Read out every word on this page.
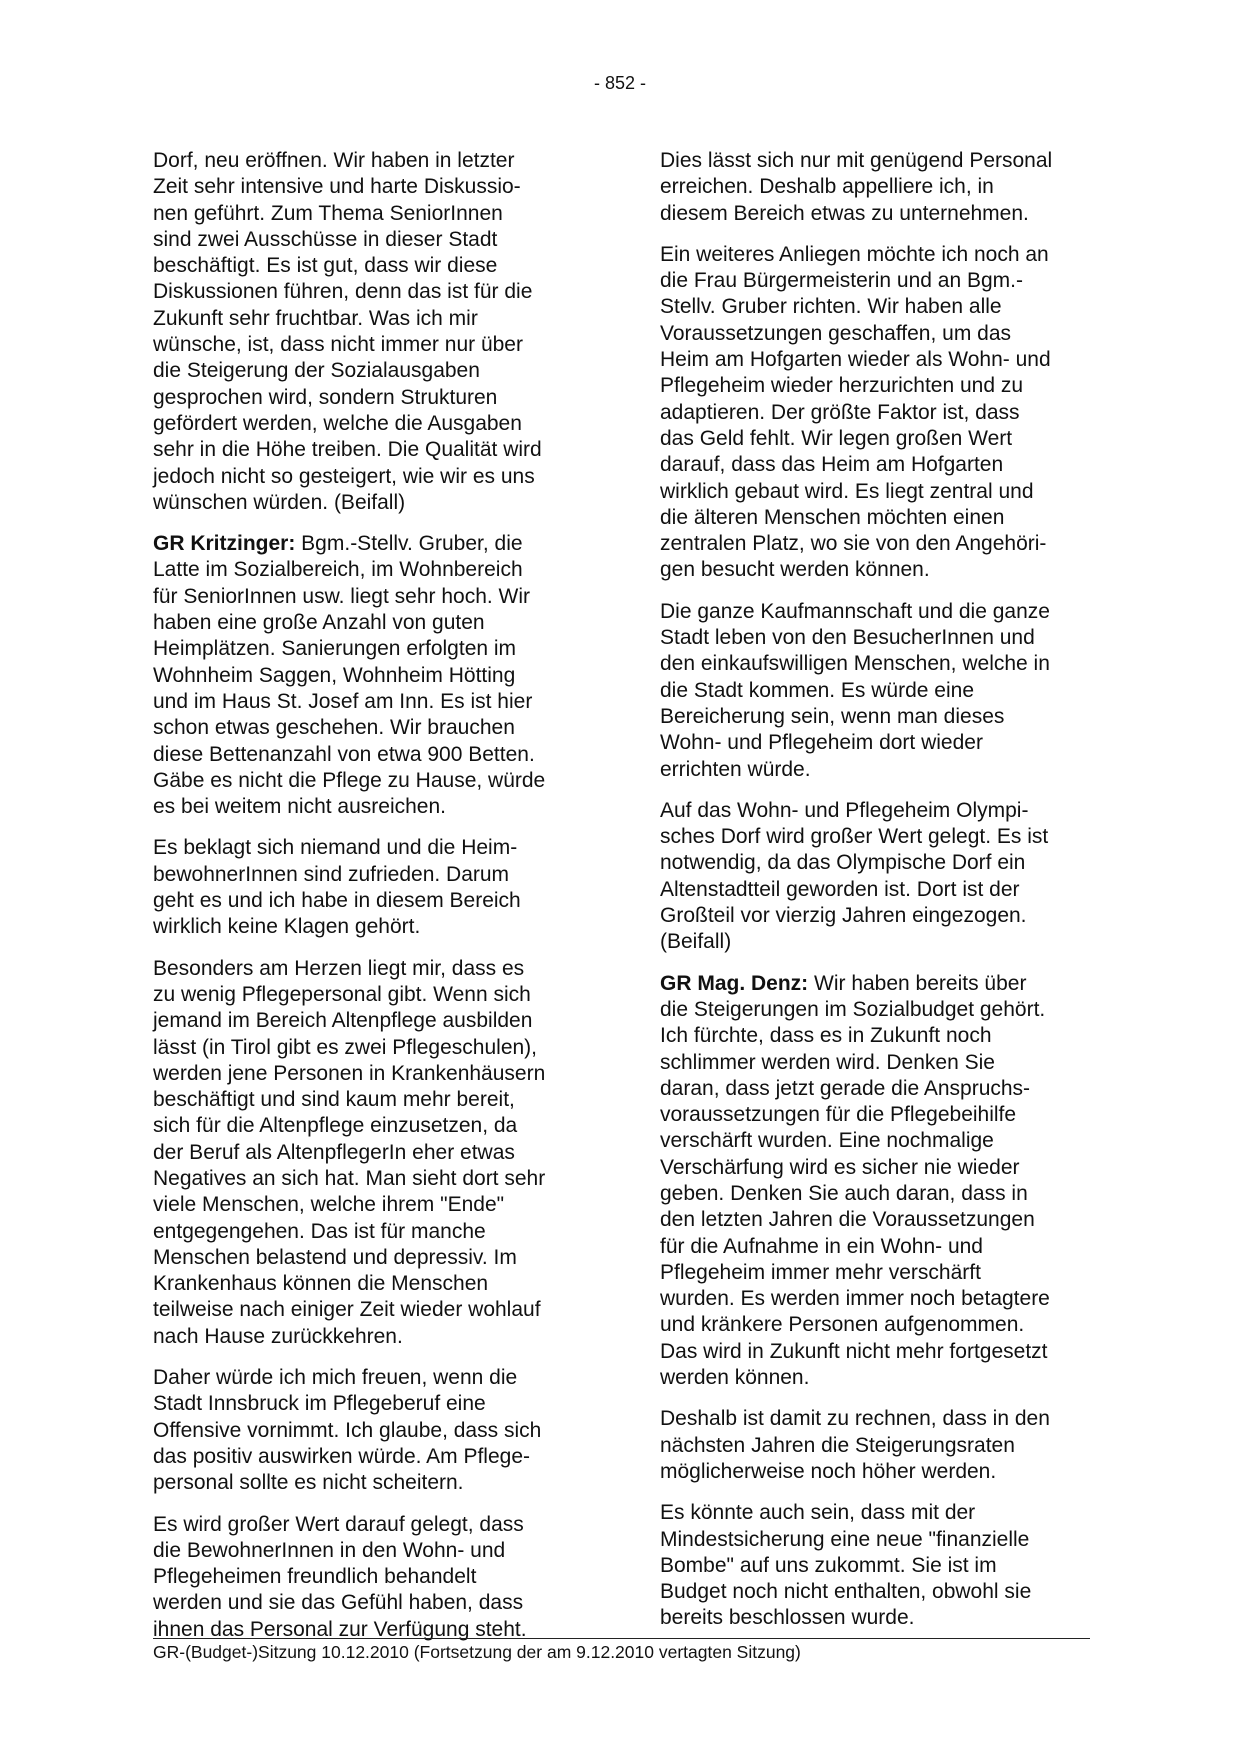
- 852 -

Dorf, neu eröffnen. Wir haben in letzter
Zeit sehr intensive und harte Diskussio-
nen geführt. Zum Thema SeniorInnen
sind zwei Ausschüsse in dieser Stadt
beschäftigt. Es ist gut, dass wir diese
Diskussionen führen, denn das ist für die
Zukunft sehr fruchtbar. Was ich mir
wünsche, ist, dass nicht immer nur über
die Steigerung der Sozialausgaben
gesprochen wird, sondern Strukturen
gefördert werden, welche die Ausgaben
sehr in die Höhe treiben. Die Qualität wird
jedoch nicht so gesteigert, wie wir es uns
wünschen würden. (Beifall)

GR Kritzinger: Bgm.-Stellv. Gruber, die
Latte im Sozialbereich, im Wohnbereich
für SeniorInnen usw. liegt sehr hoch. Wir
haben eine große Anzahl von guten
Heimplätzen. Sanierungen erfolgten im
Wohnheim Saggen, Wohnheim Hötting
und im Haus St. Josef am Inn. Es ist hier
schon etwas geschehen. Wir brauchen
diese Bettenanzahl von etwa 900 Betten.
Gäbe es nicht die Pflege zu Hause, würde
es bei weitem nicht ausreichen.

Es beklagt sich niemand und die Heim-
bewohnerInnen sind zufrieden. Darum
geht es und ich habe in diesem Bereich
wirklich keine Klagen gehört.

Besonders am Herzen liegt mir, dass es
zu wenig Pflegepersonal gibt. Wenn sich
jemand im Bereich Altenpflege ausbilden
lässt (in Tirol gibt es zwei Pflegeschulen),
werden jene Personen in Krankenhäusern
beschäftigt und sind kaum mehr bereit,
sich für die Altenpflege einzusetzen, da
der Beruf als AltenpflegerIn eher etwas
Negatives an sich hat. Man sieht dort sehr
viele Menschen, welche ihrem "Ende"
entgegengehen. Das ist für manche
Menschen belastend und depressiv. Im
Krankenhaus können die Menschen
teilweise nach einiger Zeit wieder wohlauf
nach Hause zurückkehren.

Daher würde ich mich freuen, wenn die
Stadt Innsbruck im Pflegeberuf eine
Offensive vornimmt. Ich glaube, dass sich
das positiv auswirken würde. Am Pflege-
personal sollte es nicht scheitern.

Es wird großer Wert darauf gelegt, dass
die BewohnerInnen in den Wohn- und
Pflegeheimen freundlich behandelt
werden und sie das Gefühl haben, dass
ihnen das Personal zur Verfügung steht.

Dies lässt sich nur mit genügend Personal
erreichen. Deshalb appelliere ich, in
diesem Bereich etwas zu unternehmen.

Ein weiteres Anliegen möchte ich noch an
die Frau Bürgermeisterin und an Bgm.-
Stellv. Gruber richten. Wir haben alle
Voraussetzungen geschaffen, um das
Heim am Hofgarten wieder als Wohn- und
Pflegeheim wieder herzurichten und zu
adaptieren. Der größte Faktor ist, dass
das Geld fehlt. Wir legen großen Wert
darauf, dass das Heim am Hofgarten
wirklich gebaut wird. Es liegt zentral und
die älteren Menschen möchten einen
zentralen Platz, wo sie von den Angehöri-
gen besucht werden können.

Die ganze Kaufmannschaft und die ganze
Stadt leben von den BesucherInnen und
den einkaufswilligen Menschen, welche in
die Stadt kommen. Es würde eine
Bereicherung sein, wenn man dieses
Wohn- und Pflegeheim dort wieder
errichten würde.

Auf das Wohn- und Pflegeheim Olympi-
sches Dorf wird großer Wert gelegt. Es ist
notwendig, da das Olympische Dorf ein
Altenstadtteil geworden ist. Dort ist der
Großteil vor vierzig Jahren eingezogen.
(Beifall)

GR Mag. Denz: Wir haben bereits über
die Steigerungen im Sozialbudget gehört.
Ich fürchte, dass es in Zukunft noch
schlimmer werden wird. Denken Sie
daran, dass jetzt gerade die Anspruchs-
voraussetzungen für die Pflegebeihilfe
verschärft wurden. Eine nochmalige
Verschärfung wird es sicher nie wieder
geben. Denken Sie auch daran, dass in
den letzten Jahren die Voraussetzungen
für die Aufnahme in ein Wohn- und
Pflegeheim immer mehr verschärft
wurden. Es werden immer noch betagtere
und kränkere Personen aufgenommen.
Das wird in Zukunft nicht mehr fortgesetzt
werden können.

Deshalb ist damit zu rechnen, dass in den
nächsten Jahren die Steigerungsraten
möglicherweise noch höher werden.

Es könnte auch sein, dass mit der
Mindestsicherung eine neue "finanzielle
Bombe" auf uns zukommt. Sie ist im
Budget noch nicht enthalten, obwohl sie
bereits beschlossen wurde.

GR-(Budget-)Sitzung 10.12.2010 (Fortsetzung der am 9.12.2010 vertagten Sitzung)
